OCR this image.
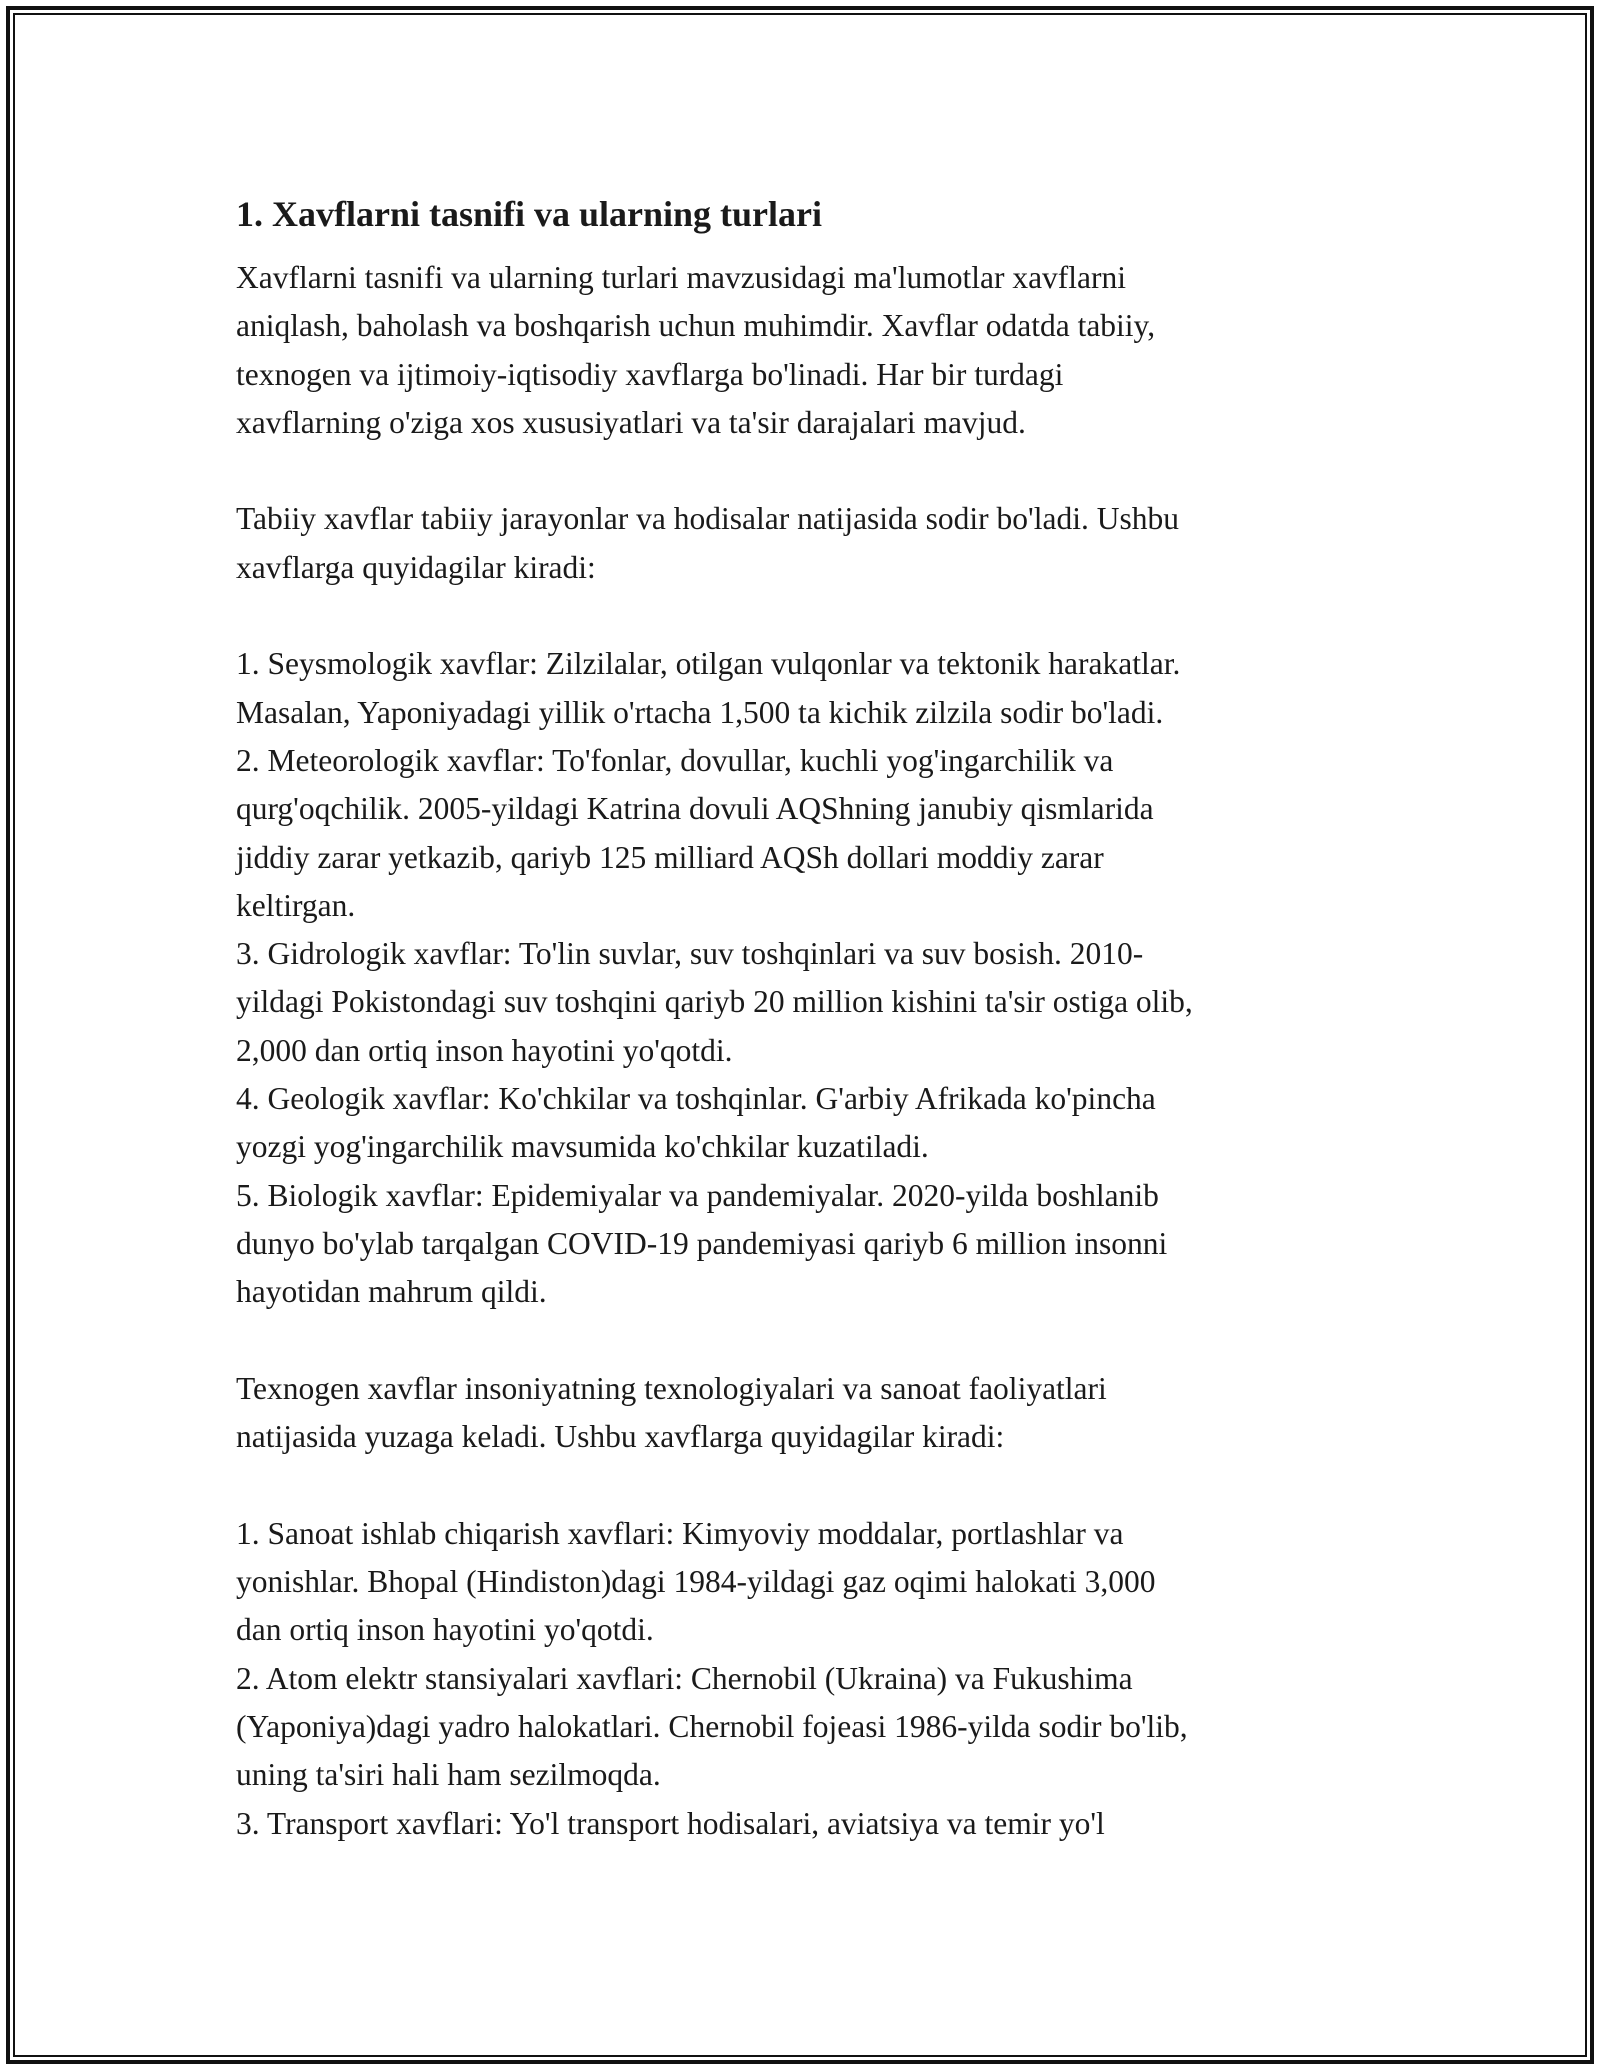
1. Xavflarni tasnifi va ularning turlari
Xavflarni tasnifi va ularning turlari mavzusidagi ma'lumotlar xavflarni
aniqlash, baholash va boshqarish uchun muhimdir. Xavflar odatda tabiiy,
texnogen va ijtimoiy-iqtisodiy xavflarga bo'linadi. Har bir turdagi
xavflarning o'ziga xos xususiyatlari va ta'sir darajalari mavjud.
Tabiiy xavflar tabiiy jarayonlar va hodisalar natijasida sodir bo'ladi. Ushbu
xavflarga quyidagilar kiradi:
1. Seysmologik xavflar: Zilzilalar, otilgan vulqonlar va tektonik harakatlar.
Masalan, Yaponiyadagi yillik o'rtacha 1,500 ta kichik zilzila sodir bo'ladi.
2. Meteorologik xavflar: To'fonlar, dovullar, kuchli yog'ingarchilik va
qurg'oqchilik. 2005-yildagi Katrina dovuli AQShning janubiy qismlarida
jiddiy zarar yetkazib, qariyb 125 milliard AQSh dollari moddiy zarar
keltirgan.
3. Gidrologik xavflar: To'lin suvlar, suv toshqinlari va suv bosish. 2010-
yildagi Pokistondagi suv toshqini qariyb 20 million kishini ta'sir ostiga olib,
2,000 dan ortiq inson hayotini yo'qotdi.
4. Geologik xavflar: Ko'chkilar va toshqinlar. G'arbiy Afrikada ko'pincha
yozgi yog'ingarchilik mavsumida ko'chkilar kuzatiladi.
5. Biologik xavflar: Epidemiyalar va pandemiyalar. 2020-yilda boshlanib
dunyo bo'ylab tarqalgan COVID-19 pandemiyasi qariyb 6 million insonni
hayotidan mahrum qildi.
Texnogen xavflar insoniyatning texnologiyalari va sanoat faoliyatlari
natijasida yuzaga keladi. Ushbu xavflarga quyidagilar kiradi:
1. Sanoat ishlab chiqarish xavflari: Kimyoviy moddalar, portlashlar va
yonishlar. Bhopal (Hindiston)dagi 1984-yildagi gaz oqimi halokati 3,000
dan ortiq inson hayotini yo'qotdi.
2. Atom elektr stansiyalari xavflari: Chernobil (Ukraina) va Fukushima
(Yaponiya)dagi yadro halokatlari. Chernobil fojeasi 1986-yilda sodir bo'lib,
uning ta'siri hali ham sezilmoqda.
3. Transport xavflari: Yo'l transport hodisalari, aviatsiya va temir yo'l
